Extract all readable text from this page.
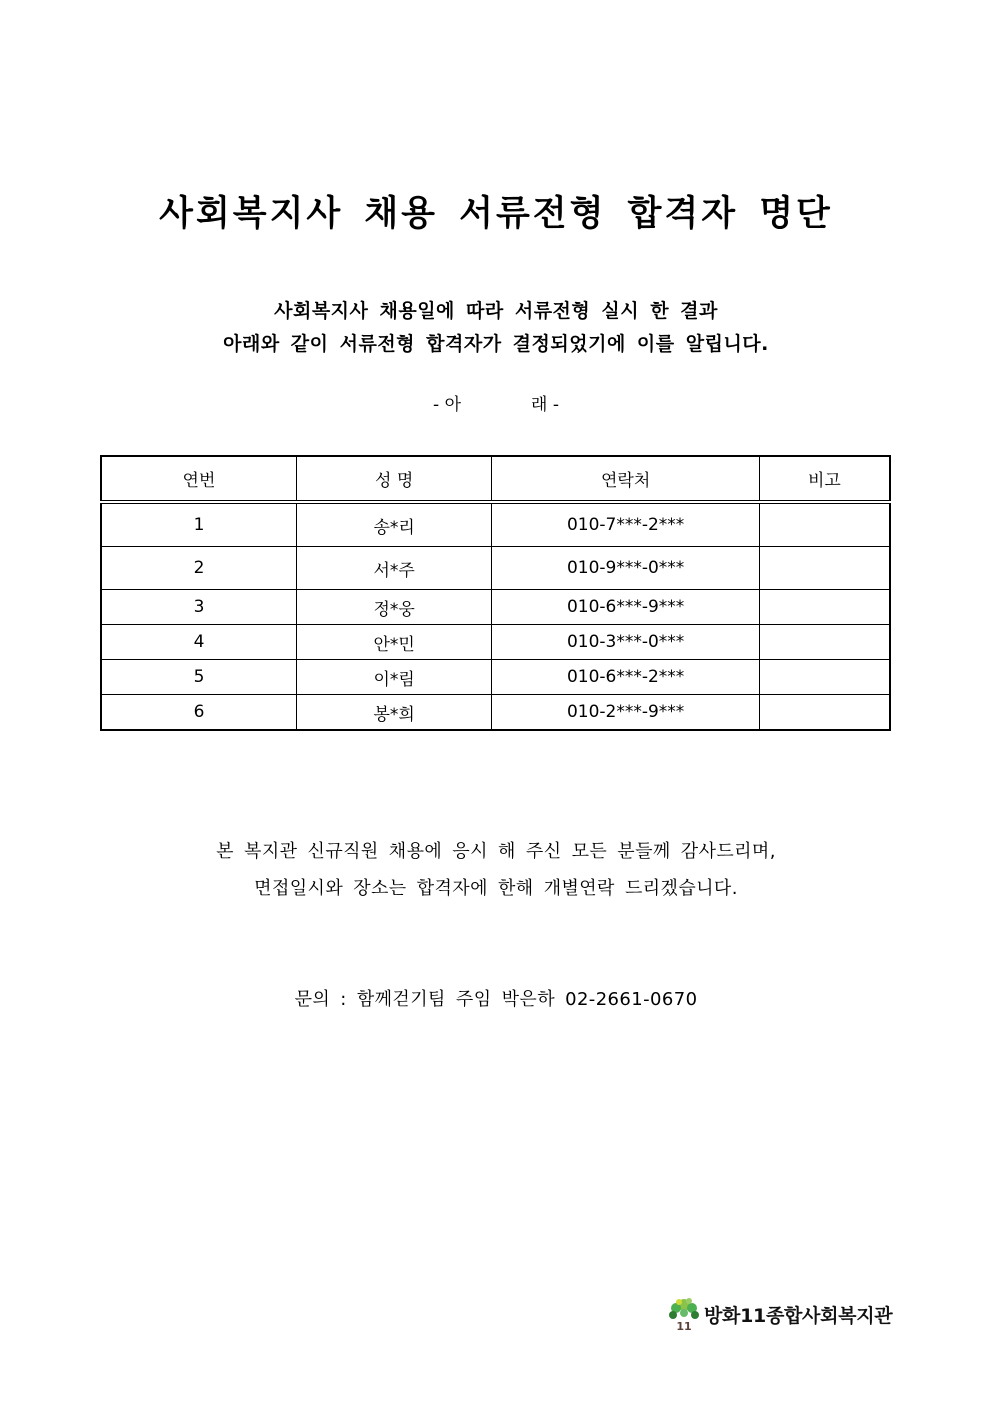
사회복지사 채용 서류전형 합격자 명단
사회복지사 채용일에 따라 서류전형 실시 한 결과
아래와 같이 서류전형 합격자가 결정되었기에 이를 알립니다.
- 아	래 -
연번	성 명	연락처	비고
1	송*리	010-7***-2***	
2	서*주	010-9***-0***	
3	정*웅	010-6***-9***	
4	안*민	010-3***-0***	
5	이*림	010-6***-2***	
6	봉*희	010-2***-9***	
본 복지관 신규직원 채용에 응시 해 주신 모든 분들께 감사드리며,
면접일시와 장소는 합격자에 한해 개별연락 드리겠습니다.
문의 : 함께걷기팀 주임 박은하 02-2661-0670
11 방화11종합사회복지관
